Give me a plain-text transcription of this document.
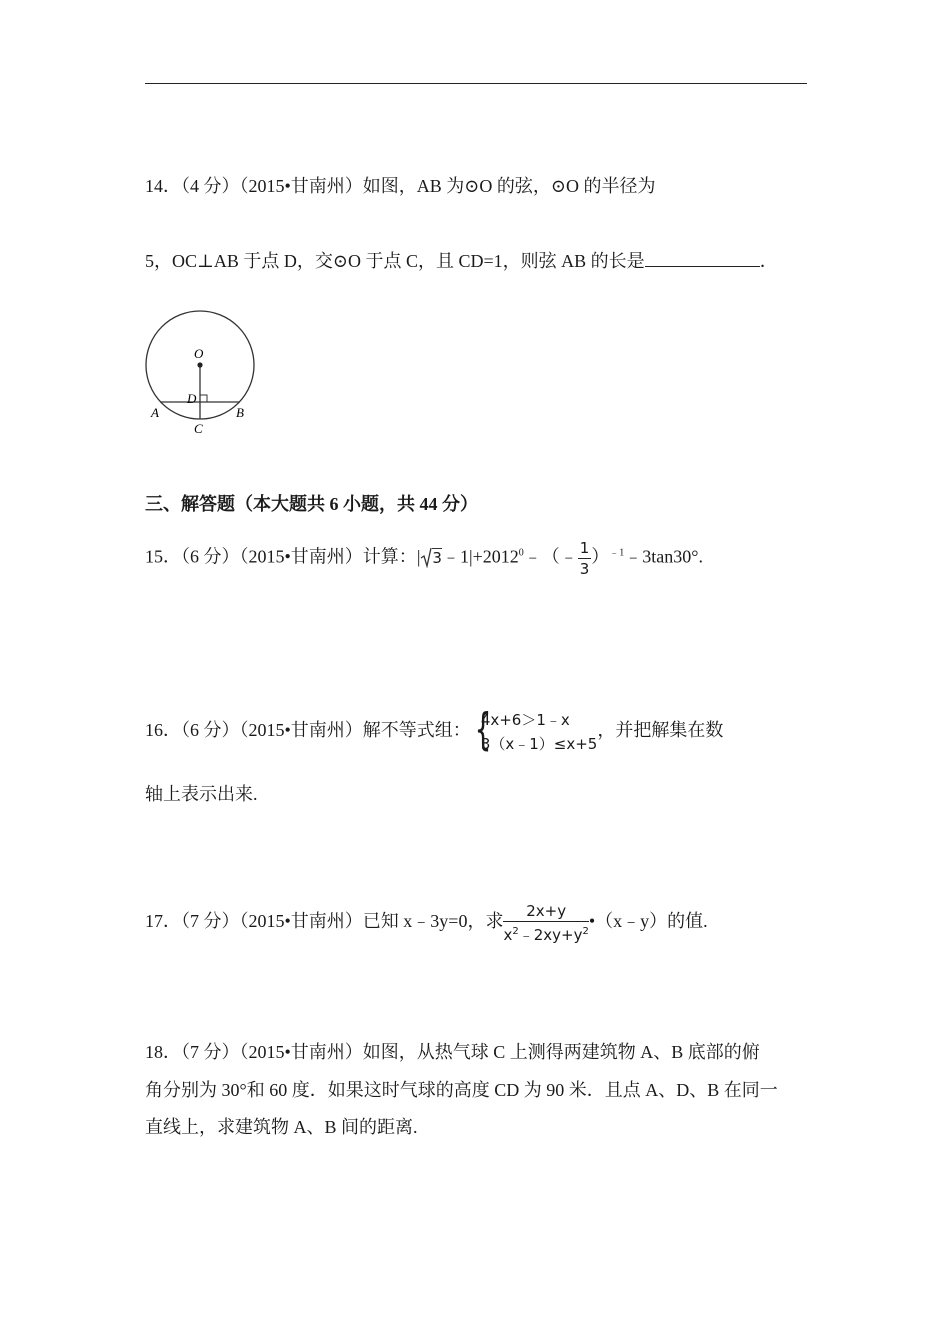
14．（4 分）（2015•甘南州）如图，AB 为⊙O 的弦，⊙O 的半径为
5，OC⊥AB 于点 D，交⊙O 于点 C，且 CD=1，则弦 AB 的长是	．
O
D
A	B
C
三、解答题（本大题共 6 小题，共 44 分）
15．（6 分）（2015•甘南州）计算：| $3﹣1|+2012^0﹣(﹣ \frac{1}{3}$ ）$^{﹣1}$﹣3tan30°.
16．（6 分）（2015•甘南州）解不等式组： {
4x+6＞1﹣x
3（x﹣1）≤x+5
，并把解集在数
轴上表示出来.
17．（7 分）（2015•甘南州）已知 x﹣3y=0，求 $\frac{2x+y}{x^2﹣2xy+y^2}$ •（x﹣y）的值.
18．（7 分）（2015•甘南州）如图，从热气球 C 上测得两建筑物 A、B 底部的俯
角分别为 30°和 60 度．如果这时气球的高度 CD 为 90 米．且点 A、D、B 在同一
直线上，求建筑物 A、B 间的距离.
